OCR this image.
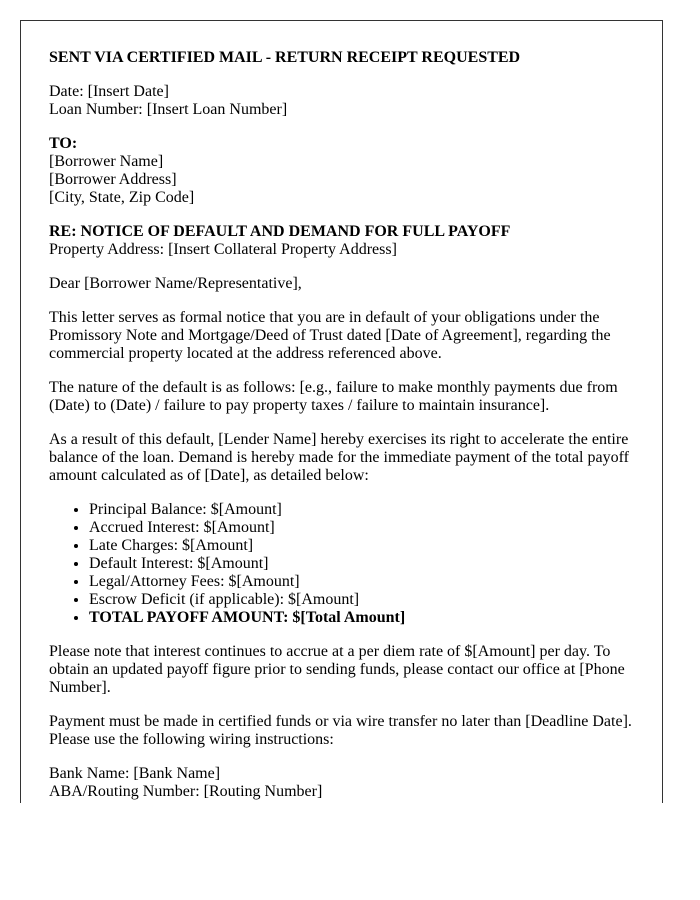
SENT VIA CERTIFIED MAIL - RETURN RECEIPT REQUESTED

Date: [Insert Date]
Loan Number: [Insert Loan Number]

TO:
[Borrower Name]
[Borrower Address]
[City, State, Zip Code]

RE: NOTICE OF DEFAULT AND DEMAND FOR FULL PAYOFF
Property Address: [Insert Collateral Property Address]

Dear [Borrower Name/Representative],

This letter serves as formal notice that you are in default of your obligations under the Promissory Note and Mortgage/Deed of Trust dated [Date of Agreement], regarding the commercial property located at the address referenced above.

The nature of the default is as follows: [e.g., failure to make monthly payments due from (Date) to (Date) / failure to pay property taxes / failure to maintain insurance].

As a result of this default, [Lender Name] hereby exercises its right to accelerate the entire balance of the loan. Demand is hereby made for the immediate payment of the total payoff amount calculated as of [Date], as detailed below:

• Principal Balance: $[Amount]
• Accrued Interest: $[Amount]
• Late Charges: $[Amount]
• Default Interest: $[Amount]
• Legal/Attorney Fees: $[Amount]
• Escrow Deficit (if applicable): $[Amount]
• TOTAL PAYOFF AMOUNT: $[Total Amount]

Please note that interest continues to accrue at a per diem rate of $[Amount] per day. To obtain an updated payoff figure prior to sending funds, please contact our office at [Phone Number].

Payment must be made in certified funds or via wire transfer no later than [Deadline Date]. Please use the following wiring instructions:

Bank Name: [Bank Name]
ABA/Routing Number: [Routing Number]
